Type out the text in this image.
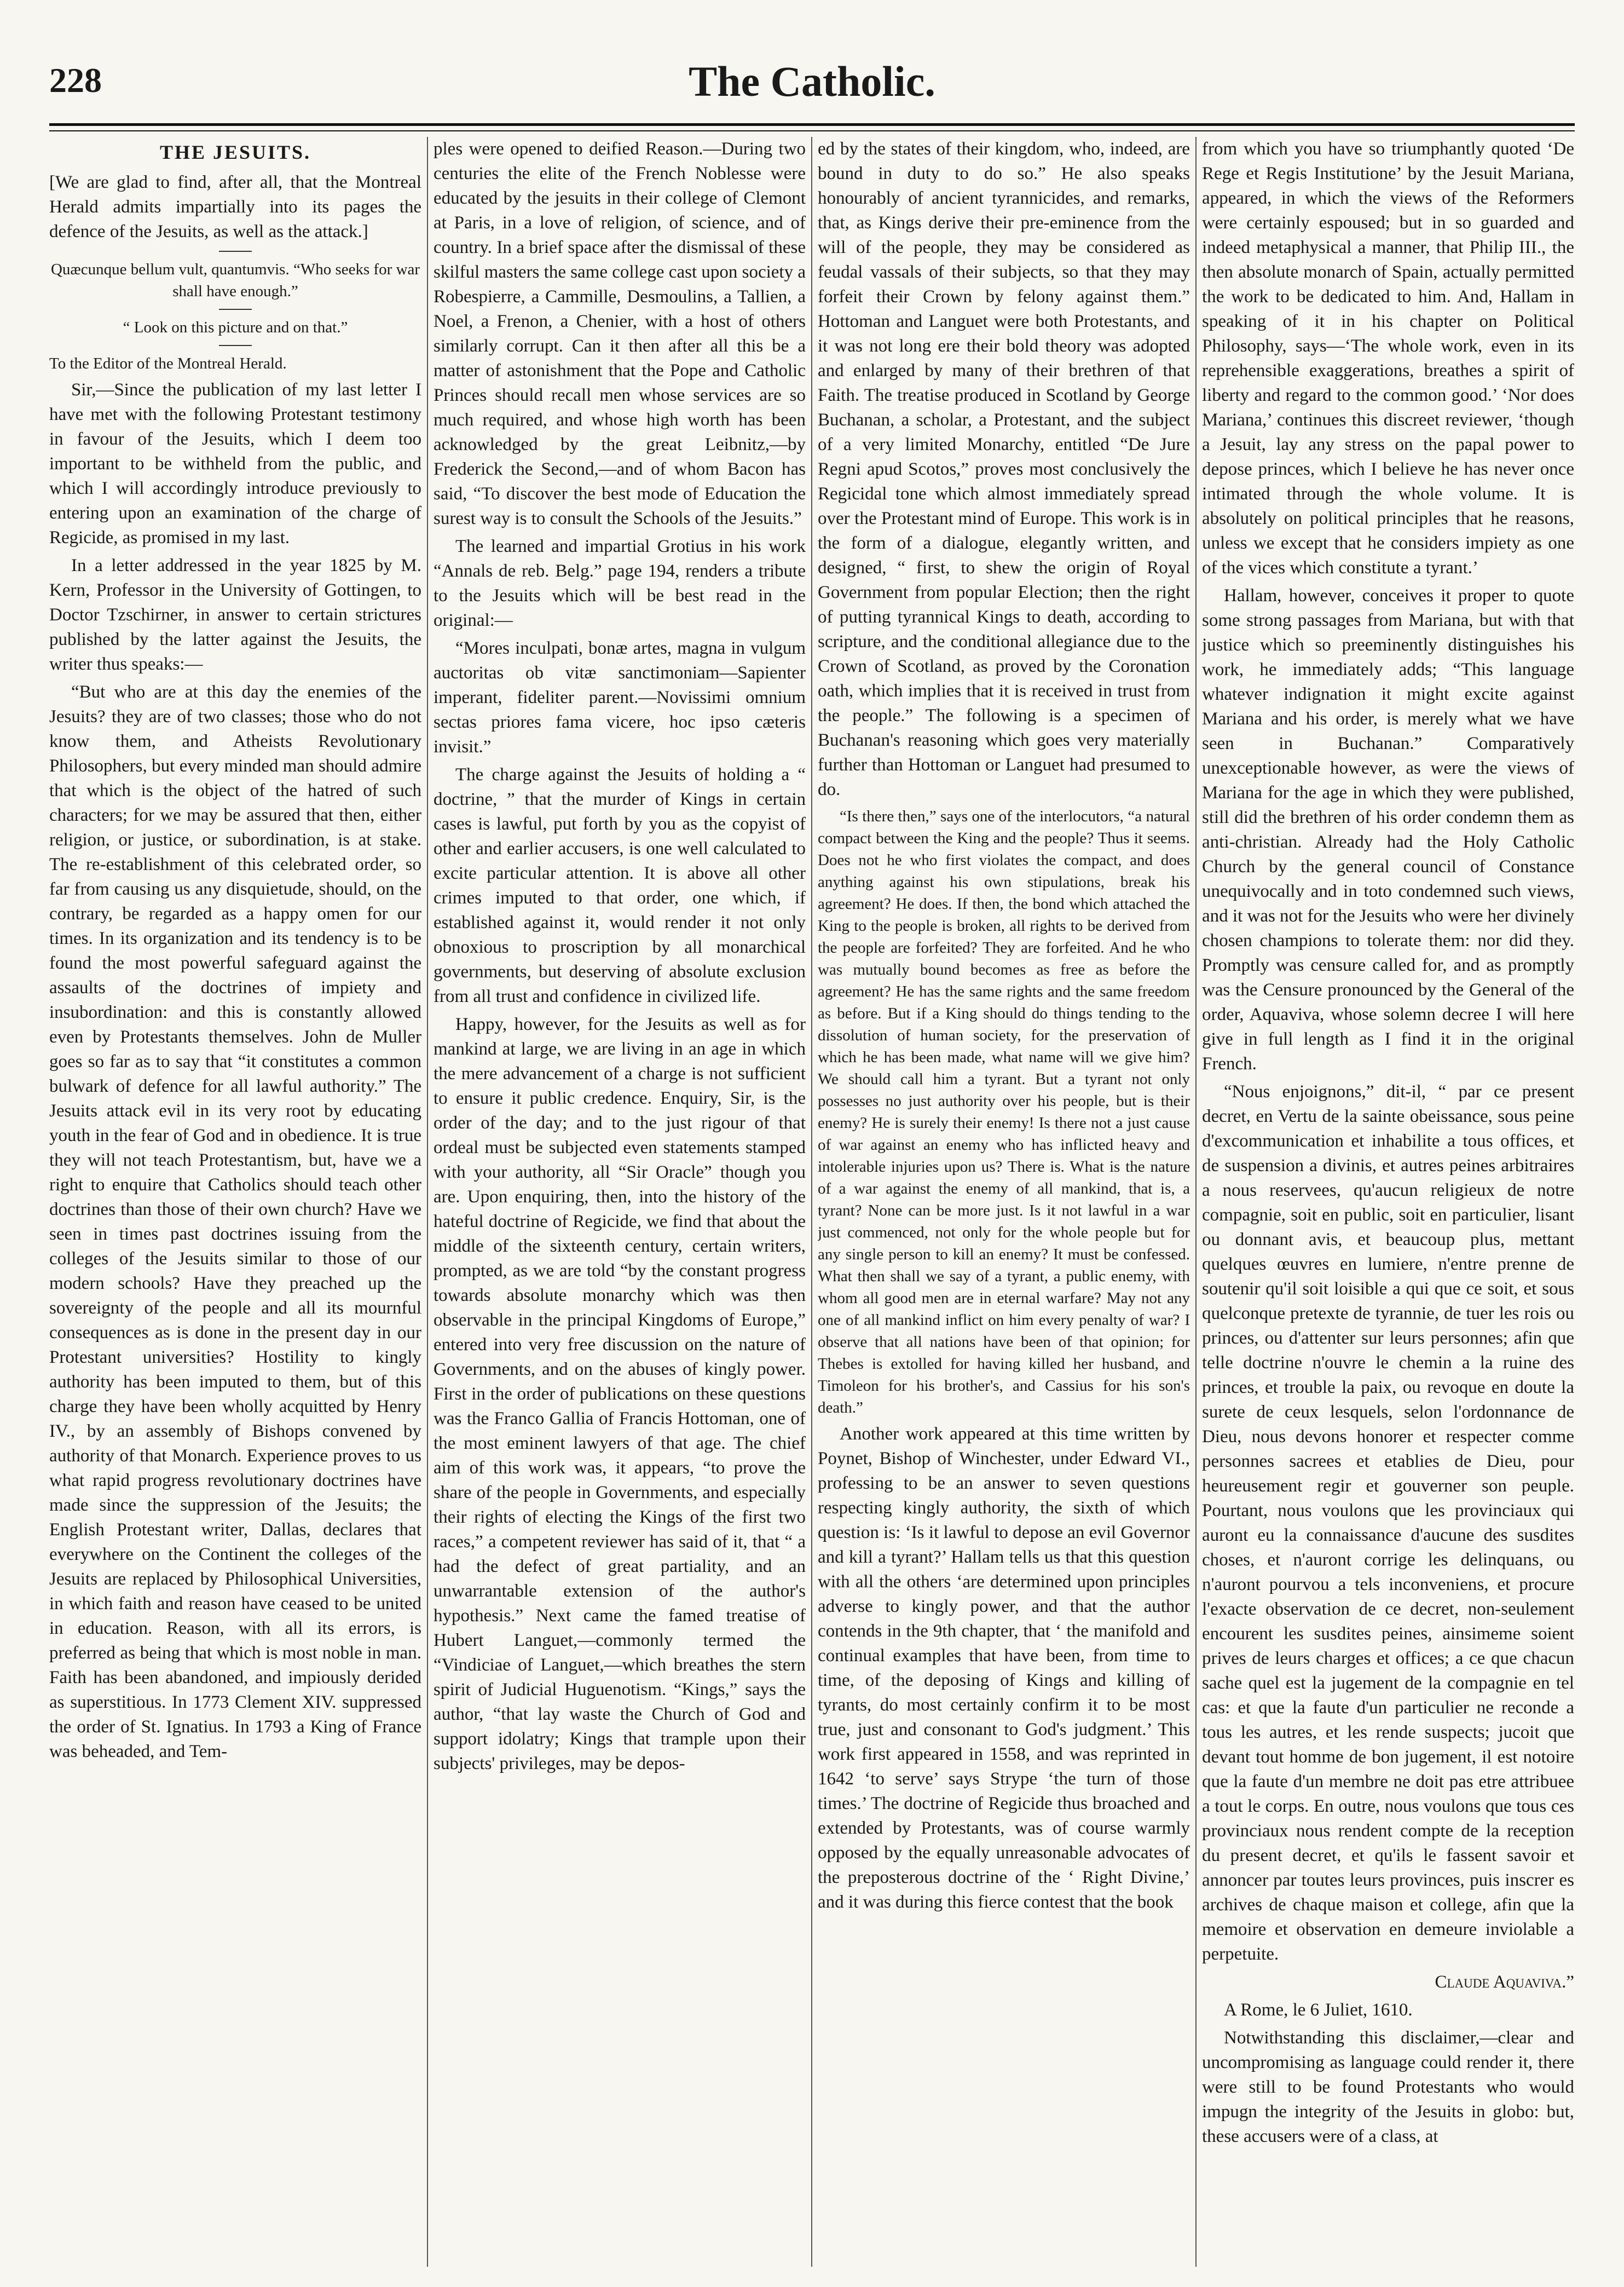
228	The Catholic.
THE JESUITS.

[We are glad to find, after all, that the Montreal Herald admits impartially into its pages the defence of the Jesuits, as well as the attack.]

Quæcunque bellum vult, quantumvis. “Who seeks for war shall have enough.”

“ Look on this picture and on that.”

To the Editor of the Montreal Herald.

Sir,—Since the publication of my last letter I have met with the following Protestant testimony in favour of the Jesuits, which I deem too important to be withheld from the public, and which I will accordingly introduce previously to entering upon an examination of the charge of Regicide, as promised in my last.

In a letter addressed in the year 1825 by M. Kern, Professor in the University of Gottingen, to Doctor Tzschirner, in answer to certain strictures published by the latter against the Jesuits, the writer thus speaks:—

“But who are at this day the enemies of the Jesuits? they are of two classes; those who do not know them, and Atheists Revolutionary Philosophers, but every minded man should admire that which is the object of the hatred of such characters; for we may be assured that then, either religion, or justice, or subordination, is at stake. The re-establishment of this celebrated order, so far from causing us any disquietude, should, on the contrary, be regarded as a happy omen for our times. In its organization and its tendency is to be found the most powerful safeguard against the assaults of the doctrines of impiety and insubordination: and this is constantly allowed even by Protestants themselves. John de Muller goes so far as to say that “it constitutes a common bulwark of defence for all lawful authority.” The Jesuits attack evil in its very root by educating youth in the fear of God and in obedience. It is true they will not teach Protestantism, but, have we a right to enquire that Catholics should teach other doctrines than those of their own church? Have we seen in times past doctrines issuing from the colleges of the Jesuits similar to those of our modern schools? Have they preached up the sovereignty of the people and all its mournful consequences as is done in the present day in our Protestant universities? Hostility to kingly authority has been imputed to them, but of this charge they have been wholly acquitted by Henry IV., by an assembly of Bishops convened by authority of that Monarch. Experience proves to us what rapid progress revolutionary doctrines have made since the suppression of the Jesuits; the English Protestant writer, Dallas, declares that everywhere on the Continent the colleges of the Jesuits are replaced by Philosophical Universities, in which faith and reason have ceased to be united in education. Reason, with all its errors, is preferred as being that which is most noble in man. Faith has been abandoned, and impiously derided as superstitious. In 1773 Clement XIV. suppressed the order of St. Ignatius. In 1793 a King of France was beheaded, and Tem-

ples were opened to deified Reason.—During two centuries the elite of the French Noblesse were educated by the jesuits in their college of Clemont at Paris, in a love of religion, of science, and of country. In a brief space after the dismissal of these skilful masters the same college cast upon society a Robespierre, a Cammille, Desmoulins, a Tallien, a Noel, a Frenon, a Chenier, with a host of others similarly corrupt. Can it then after all this be a matter of astonishment that the Pope and Catholic Princes should recall men whose services are so much required, and whose high worth has been acknowledged by the great Leibnitz,—by Frederick the Second,—and of whom Bacon has said, “To discover the best mode of Education the surest way is to consult the Schools of the Jesuits.”

The learned and impartial Grotius in his work “Annals de reb. Belg.” page 194, renders a tribute to the Jesuits which will be best read in the original:—

“Mores inculpati, bonæ artes, magna in vulgum auctoritas ob vitæ sanctimoniam—Sapienter imperant, fideliter parent.—Novissimi omnium sectas priores fama vicere, hoc ipso cæteris invisit.”

The charge against the Jesuits of holding a “ doctrine, ” that the murder of Kings in certain cases is lawful, put forth by you as the copyist of other and earlier accusers, is one well calculated to excite particular attention. It is above all other crimes imputed to that order, one which, if established against it, would render it not only obnoxious to proscription by all monarchical governments, but deserving of absolute exclusion from all trust and confidence in civilized life.

Happy, however, for the Jesuits as well as for mankind at large, we are living in an age in which the mere advancement of a charge is not sufficient to ensure it public credence. Enquiry, Sir, is the order of the day; and to the just rigour of that ordeal must be subjected even statements stamped with your authority, all “Sir Oracle” though you are. Upon enquiring, then, into the history of the hateful doctrine of Regicide, we find that about the middle of the sixteenth century, certain writers, prompted, as we are told “by the constant progress towards absolute monarchy which was then observable in the principal Kingdoms of Europe,” entered into very free discussion on the nature of Governments, and on the abuses of kingly power. First in the order of publications on these questions was the Franco Gallia of Francis Hottoman, one of the most eminent lawyers of that age. The chief aim of this work was, it appears, “to prove the share of the people in Governments, and especially their rights of electing the Kings of the first two races,” a competent reviewer has said of it, that “ a had the defect of great partiality, and an unwarrantable extension of the author's hypothesis.” Next came the famed treatise of Hubert Languet,—commonly termed the “Vindiciae of Languet,—which breathes the stern spirit of Judicial Huguenotism. “Kings,” says the author, “that lay waste the Church of God and support idolatry; Kings that trample upon their subjects' privileges, may be depos-

ed by the states of their kingdom, who, indeed, are bound in duty to do so.” He also speaks honourably of ancient tyrannicides, and remarks, that, as Kings derive their pre-eminence from the will of the people, they may be considered as feudal vassals of their subjects, so that they may forfeit their Crown by felony against them.” Hottoman and Languet were both Protestants, and it was not long ere their bold theory was adopted and enlarged by many of their brethren of that Faith. The treatise produced in Scotland by George Buchanan, a scholar, a Protestant, and the subject of a very limited Monarchy, entitled “De Jure Regni apud Scotos,” proves most conclusively the Regicidal tone which almost immediately spread over the Protestant mind of Europe. This work is in the form of a dialogue, elegantly written, and designed, “ first, to shew the origin of Royal Government from popular Election; then the right of putting tyrannical Kings to death, according to scripture, and the conditional allegiance due to the Crown of Scotland, as proved by the Coronation oath, which implies that it is received in trust from the people.” The following is a specimen of Buchanan's reasoning which goes very materially further than Hottoman or Languet had presumed to do.

“Is there then,” says one of the interlocutors, “a natural compact between the King and the people? Thus it seems. Does not he who first violates the compact, and does anything against his own stipulations, break his agreement? He does. If then, the bond which attached the King to the people is broken, all rights to be derived from the people are forfeited? They are forfeited. And he who was mutually bound becomes as free as before the agreement? He has the same rights and the same freedom as before. But if a King should do things tending to the dissolution of human society, for the preservation of which he has been made, what name will we give him? We should call him a tyrant. But a tyrant not only possesses no just authority over his people, but is their enemy? He is surely their enemy! Is there not a just cause of war against an enemy who has inflicted heavy and intolerable injuries upon us? There is. What is the nature of a war against the enemy of all mankind, that is, a tyrant? None can be more just. Is it not lawful in a war just commenced, not only for the whole people but for any single person to kill an enemy? It must be confessed. What then shall we say of a tyrant, a public enemy, with whom all good men are in eternal warfare? May not any one of all mankind inflict on him every penalty of war? I observe that all nations have been of that opinion; for Thebes is extolled for having killed her husband, and Timoleon for his brother's, and Cassius for his son's death.”

Another work appeared at this time written by Poynet, Bishop of Winchester, under Edward VI., professing to be an answer to seven questions respecting kingly authority, the sixth of which question is: ‘Is it lawful to depose an evil Governor and kill a tyrant?’ Hallam tells us that this question with all the others ‘are determined upon principles adverse to kingly power, and that the author contends in the 9th chapter, that ‘ the manifold and continual examples that have been, from time to time, of the deposing of Kings and killing of tyrants, do most certainly confirm it to be most true, just and consonant to God's judgment.’ This work first appeared in 1558, and was reprinted in 1642 ‘to serve’ says Strype ‘the turn of those times.’ The doctrine of Regicide thus broached and extended by Protestants, was of course warmly opposed by the equally unreasonable advocates of the preposterous doctrine of the ‘ Right Divine,’ and it was during this fierce contest that the book

from which you have so triumphantly quoted ‘De Rege et Regis Institutione’ by the Jesuit Mariana, appeared, in which the views of the Reformers were certainly espoused; but in so guarded and indeed metaphysical a manner, that Philip III., the then absolute monarch of Spain, actually permitted the work to be dedicated to him. And, Hallam in speaking of it in his chapter on Political Philosophy, says—‘The whole work, even in its reprehensible exaggerations, breathes a spirit of liberty and regard to the common good.’ ‘Nor does Mariana,’ continues this discreet reviewer, ‘though a Jesuit, lay any stress on the papal power to depose princes, which I believe he has never once intimated through the whole volume. It is absolutely on political principles that he reasons, unless we except that he considers impiety as one of the vices which constitute a tyrant.’

Hallam, however, conceives it proper to quote some strong passages from Mariana, but with that justice which so preeminently distinguishes his work, he immediately adds; “This language whatever indignation it might excite against Mariana and his order, is merely what we have seen in Buchanan.” Comparatively unexceptionable however, as were the views of Mariana for the age in which they were published, still did the brethren of his order condemn them as anti-christian. Already had the Holy Catholic Church by the general council of Constance unequivocally and in toto condemned such views, and it was not for the Jesuits who were her divinely chosen champions to tolerate them: nor did they. Promptly was censure called for, and as promptly was the Censure pronounced by the General of the order, Aquaviva, whose solemn decree I will here give in full length as I find it in the original French.

“Nous enjoignons,” dit-il, “ par ce present decret, en Vertu de la sainte obeissance, sous peine d'excommunication et inhabilite a tous offices, et de suspension a divinis, et autres peines arbitraires a nous reservees, qu'aucun religieux de notre compagnie, soit en public, soit en particulier, lisant ou donnant avis, et beaucoup plus, mettant quelques œuvres en lumiere, n'entre prenne de soutenir qu'il soit loisible a qui que ce soit, et sous quelconque pretexte de tyrannie, de tuer les rois ou princes, ou d'attenter sur leurs personnes; afin que telle doctrine n'ouvre le chemin a la ruine des princes, et trouble la paix, ou revoque en doute la surete de ceux lesquels, selon l'ordonnance de Dieu, nous devons honorer et respecter comme personnes sacrees et etablies de Dieu, pour heureusement regir et gouverner son peuple. Pourtant, nous voulons que les provinciaux qui auront eu la connaissance d'aucune des susdites choses, et n'auront corrige les delinquans, ou n'auront pourvou a tels inconveniens, et procure l'exacte observation de ce decret, non-seulement encourent les susdites peines, ainsimeme soient prives de leurs charges et offices; a ce que chacun sache quel est la jugement de la compagnie en tel cas: et que la faute d'un particulier ne reconde a tous les autres, et les rende suspects; jucoit que devant tout homme de bon jugement, il est notoire que la faute d'un membre ne doit pas etre attribuee a tout le corps. En outre, nous voulons que tous ces provinciaux nous rendent compte de la reception du present decret, et qu'ils le fassent savoir et annoncer par toutes leurs provinces, puis inscrer es archives de chaque maison et college, afin que la memoire et observation en demeure inviolable a perpetuite.

Claude Aquaviva.”

A Rome, le 6 Juliet, 1610.

Notwithstanding this disclaimer,—clear and uncompromising as language could render it, there were still to be found Protestants who would impugn the integrity of the Jesuits in globo: but, these accusers were of a class, at
